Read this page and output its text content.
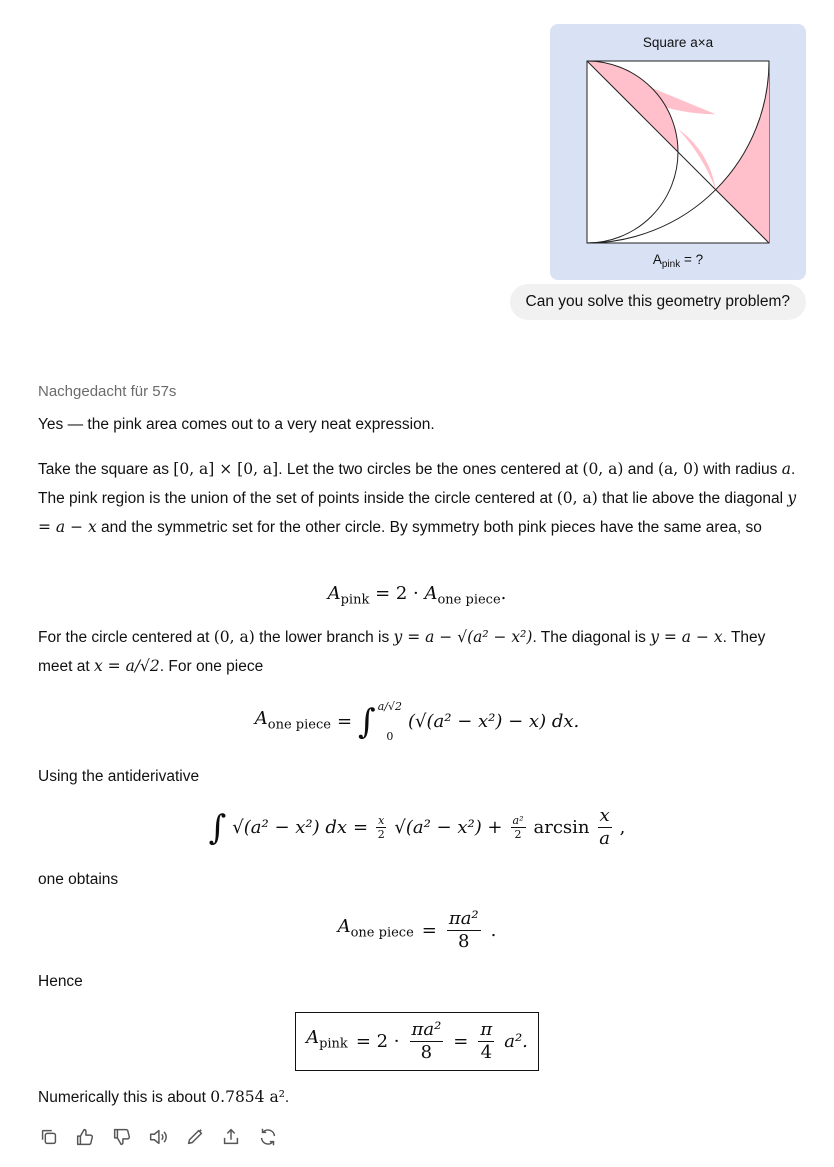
Square a×a
$A_{pink}$ = ?
Can you solve this geometry problem?
Nachgedacht für 57s
Yes — the pink area comes out to a very neat expression.
Take the square as [0, a] × [0, a]. Let the two circles be the ones centered at (0, a) and (a, 0) with radius a. The pink region is the union of the set of points inside the circle centered at (0, a) that lie above the diagonal y = a − x and the symmetric set for the other circle. By symmetry both pink pieces have the same area, so
$A_{pink} = 2 \cdot A_{one piece}$.
For the circle centered at (0, a) the lower branch is y = a − √(a² − x²). The diagonal is y = a − x. They meet at x = a/√2. For one piece
$A_{one piece}$ = ∫ a/√2
0
(√(a² − x²) − x) dx.
Using the antiderivative
∫ √(a² − x²) dx = $\frac{x}{2} √(a^2 - x^2) + \frac{\text{a²}}{2}$ $\arcsin \frac{x}{a}$ ,
one obtains
$A_{one piece} = \frac{\text{πa²}}{8}$ .
Hence
$A_{pink} = 2 \cdot \frac{\text{πa²}}{8} = \frac{\pi}{4} a^2$.
Numerically this is about 0.7854 a².
